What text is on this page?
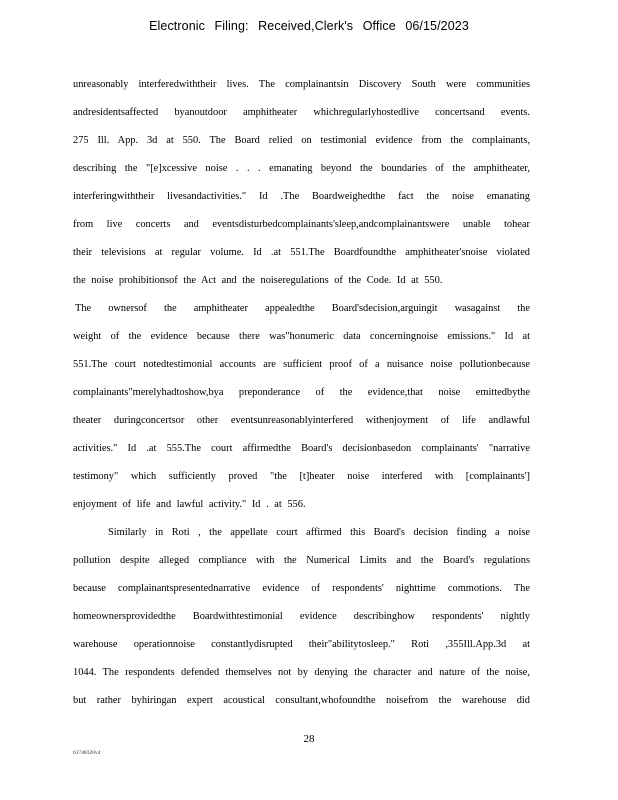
Electronic Filing: Received,Clerk's Office 06/15/2023
unreasonably interferedwiththeir lives. The complainantsin Discovery South were communities
andresidentsaffected byanoutdoor amphitheater whichregularlyhostedlive concertsand events.
275 Ill. App. 3d at 550. The Board relied on testimonial evidence from the complainants,
describing the "[e]xcessive noise . . . emanating beyond the boundaries of the amphitheater,
interferingwiththeir livesandactivities." Id .The Boardweighedthe fact the noise emanating
from live concerts and eventsdisturbedcomplainants'sleep,andcomplainantswere unable tohear
their televisions at regular volume. Id .at 551.The Boardfoundthe amphitheater'snoise violated
the noise prohibitionsof the Act and the noiseregulations of the Code. Id at 550.
The ownersof the amphitheater appealedthe Board'sdecision,arguingit wasagainst the
weight of the evidence because there was"honumeric data concerningnoise emissions." Id at
551.The court notedtestimonial accounts are sufficient proof of a nuisance noise pollutionbecause
complainants"merelyhadtoshow,bya preponderance of the evidence,that noise emittedbythe
theater duringconcertsor other eventsunreasonablyinterfered withenjoyment of life andlawful
activities." Id .at 555.The court affirmedthe Board's decisionbasedon complainants' "narrative
testimony" which sufficiently proved "the [t]heater noise interfered with [complainants']
enjoyment of life and lawful activity." Id . at 556.
Similarly in Roti , the appellate court affirmed this Board's decision finding a noise
pollution despite alleged compliance with the Numerical Limits and the Board's regulations
because complainantspresentednarrative evidence of respondents' nighttime commotions. The
homeownersprovidedthe Boardwithtestimonial evidence describinghow respondents' nightly
warehouse operationnoise constantlydisrupted their"abilitytosleep." Roti ,355Ill.App.3d at
1044. The respondents defended themselves not by denying the character and nature of the noise,
but rather byhiringan expert acoustical consultant,whofoundthe noisefrom the warehouse did
28
61748320v4
